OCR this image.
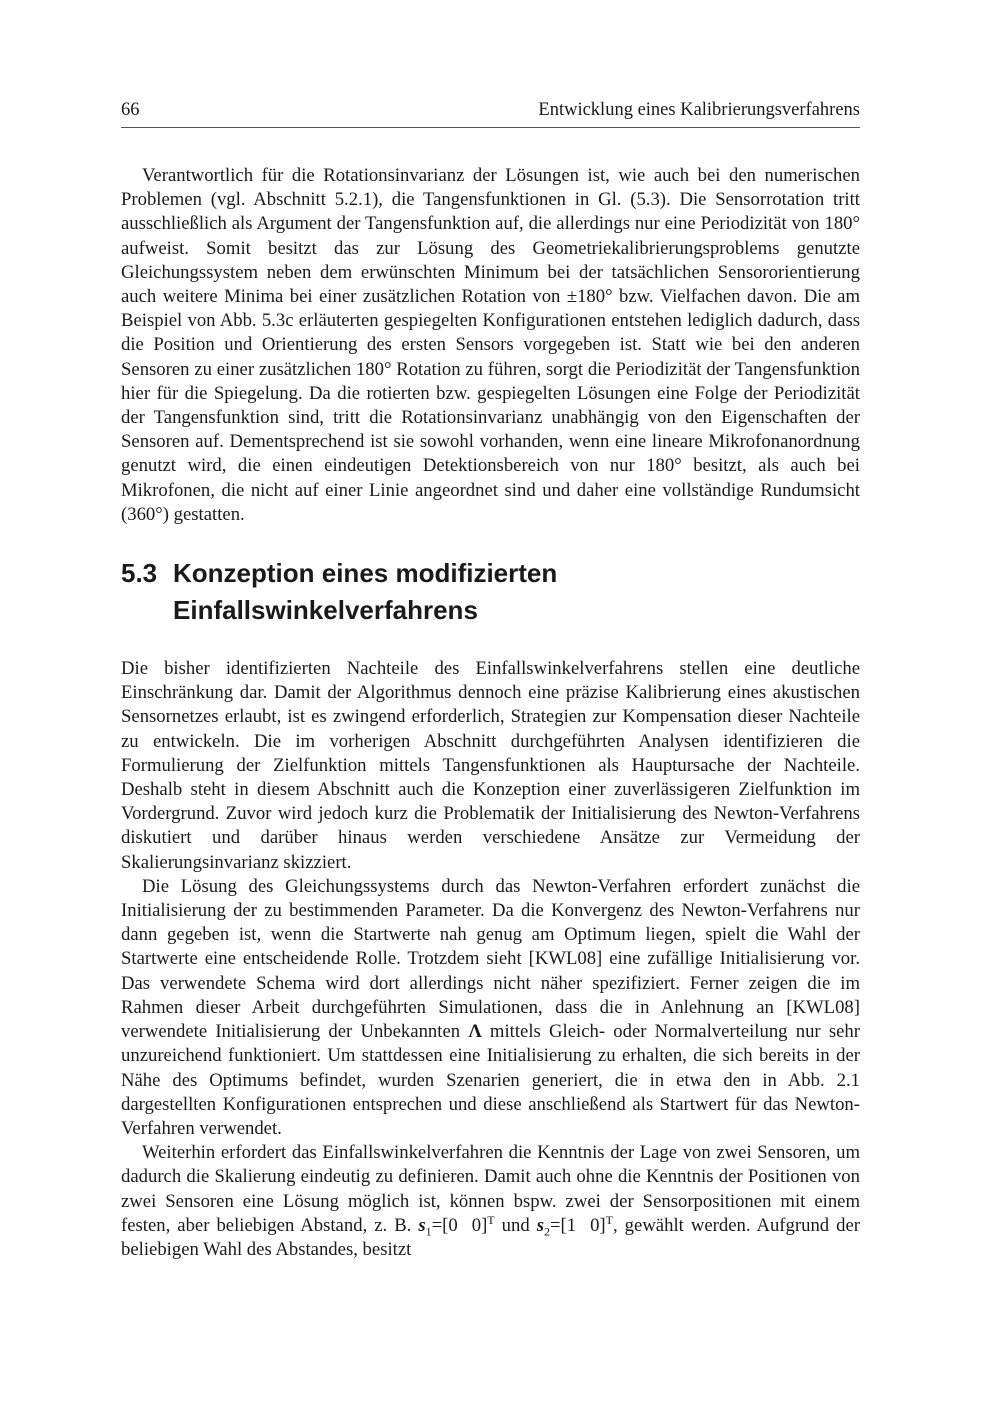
66	Entwicklung eines Kalibrierungsverfahrens

Verantwortlich für die Rotationsinvarianz der Lösungen ist, wie auch bei den numerischen Problemen (vgl. Abschnitt 5.2.1), die Tangensfunktionen in Gl. (5.3). Die Sensorrotation tritt ausschließlich als Argument der Tangensfunktion auf, die allerdings nur eine Periodizität von 180° aufweist. Somit besitzt das zur Lösung des Geometriekalibrierungsproblems genutzte Gleichungssystem neben dem erwünschten Minimum bei der tatsächlichen Sensororientierung auch weitere Minima bei einer zusätzlichen Rotation von ±180° bzw. Vielfachen davon. Die am Beispiel von Abb. 5.3c erläuterten gespiegelten Konfigurationen entstehen lediglich dadurch, dass die Position und Orientierung des ersten Sensors vorgegeben ist. Statt wie bei den anderen Sensoren zu einer zusätzlichen 180° Rotation zu führen, sorgt die Periodizität der Tangensfunktion hier für die Spiegelung. Da die rotierten bzw. gespiegelten Lösungen eine Folge der Periodizität der Tangensfunktion sind, tritt die Rotationsinvarianz unabhängig von den Eigenschaften der Sensoren auf. Dementsprechend ist sie sowohl vorhanden, wenn eine lineare Mikrofonanordnung genutzt wird, die einen eindeutigen Detektionsbereich von nur 180° besitzt, als auch bei Mikrofonen, die nicht auf einer Linie angeordnet sind und daher eine vollständige Rundumsicht (360°) gestatten.

5.3 Konzeption eines modifizierten Einfallswinkelverfahrens

Die bisher identifizierten Nachteile des Einfallswinkelverfahrens stellen eine deutliche Einschränkung dar. Damit der Algorithmus dennoch eine präzise Kalibrierung eines akustischen Sensornetzes erlaubt, ist es zwingend erforderlich, Strategien zur Kompensation dieser Nachteile zu entwickeln. Die im vorherigen Abschnitt durchgeführten Analysen identifizieren die Formulierung der Zielfunktion mittels Tangensfunktionen als Hauptursache der Nachteile. Deshalb steht in diesem Abschnitt auch die Konzeption einer zuverlässigeren Zielfunktion im Vordergrund. Zuvor wird jedoch kurz die Problematik der Initialisierung des Newton-Verfahrens diskutiert und darüber hinaus werden verschiedene Ansätze zur Vermeidung der Skalierungsinvarianz skizziert.

Die Lösung des Gleichungssystems durch das Newton-Verfahren erfordert zunächst die Initialisierung der zu bestimmenden Parameter. Da die Konvergenz des Newton-Verfahrens nur dann gegeben ist, wenn die Startwerte nah genug am Optimum liegen, spielt die Wahl der Startwerte eine entscheidende Rolle. Trotzdem sieht [KWL08] eine zufällige Initialisierung vor. Das verwendete Schema wird dort allerdings nicht näher spezifiziert. Ferner zeigen die im Rahmen dieser Arbeit durchgeführten Simulationen, dass die in Anlehnung an [KWL08] verwendete Initialisierung der Unbekannten Λ mittels Gleich- oder Normalverteilung nur sehr unzureichend funktioniert. Um stattdessen eine Initialisierung zu erhalten, die sich bereits in der Nähe des Optimums befindet, wurden Szenarien generiert, die in etwa den in Abb. 2.1 dargestellten Konfigurationen entsprechen und diese anschließend als Startwert für das Newton-Verfahren verwendet.

Weiterhin erfordert das Einfallswinkelverfahren die Kenntnis der Lage von zwei Sensoren, um dadurch die Skalierung eindeutig zu definieren. Damit auch ohne die Kenntnis der Positionen von zwei Sensoren eine Lösung möglich ist, können bspw. zwei der Sensorpositionen mit einem festen, aber beliebigen Abstand, z. B. $s_1=[0$  0]$^T$ und $s_2=[1$  0]$^T$, gewählt werden. Aufgrund der beliebigen Wahl des Abstandes, besitzt
